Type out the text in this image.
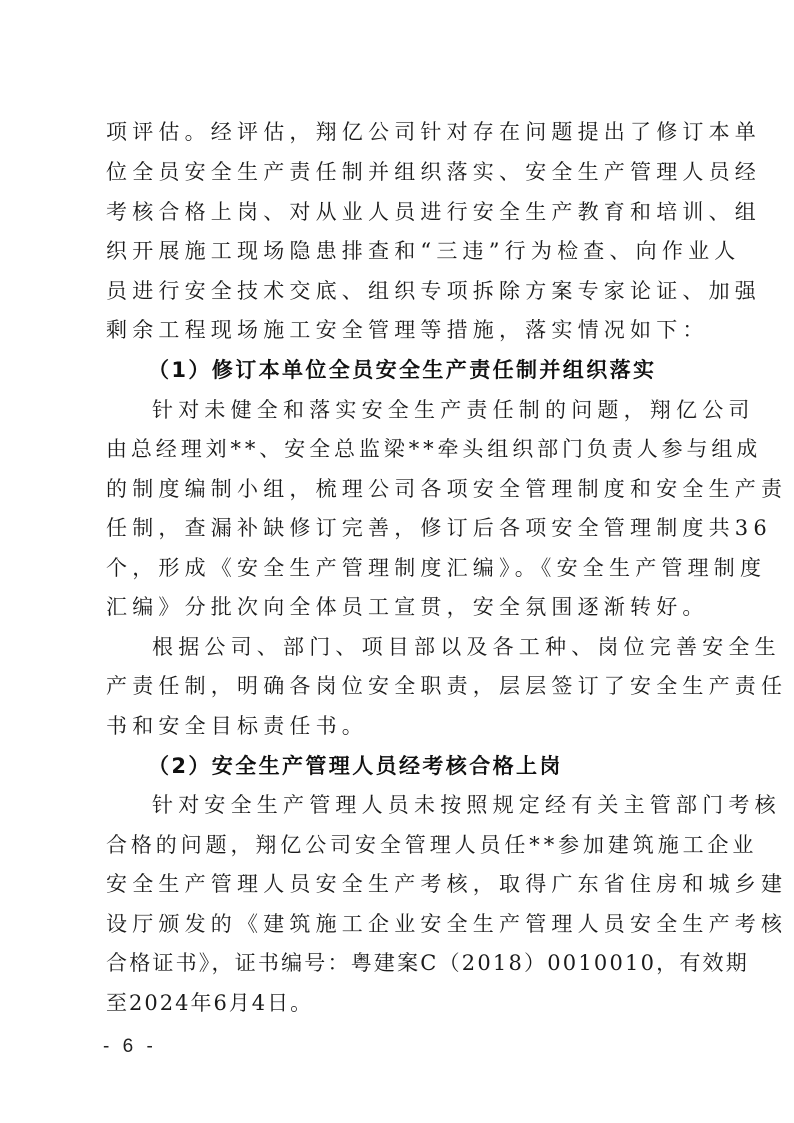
项评估。经评估，翔亿公司针对存在问题提出了修订本单
位全员安全生产责任制并组织落实、安全生产管理人员经
考核合格上岗、对从业人员进行安全生产教育和培训、组
织开展施工现场隐患排查和“三违”行为检查、向作业人
员进行安全技术交底、组织专项拆除方案专家论证、加强
剩余工程现场施工安全管理等措施，落实情况如下：
（1）修订本单位全员安全生产责任制并组织落实
针对未健全和落实安全生产责任制的问题，翔亿公司
由总经理刘**、安全总监梁**牵头组织部门负责人参与组成
的制度编制小组，梳理公司各项安全管理制度和安全生产责
任制，查漏补缺修订完善，修订后各项安全管理制度共36
个，形成《安全生产管理制度汇编》。《安全生产管理制度
汇编》分批次向全体员工宣贯，安全氛围逐渐转好。
根据公司、部门、项目部以及各工种、岗位完善安全生
产责任制，明确各岗位安全职责，层层签订了安全生产责任
书和安全目标责任书。
（2）安全生产管理人员经考核合格上岗
针对安全生产管理人员未按照规定经有关主管部门考核
合格的问题，翔亿公司安全管理人员任**参加建筑施工企业
安全生产管理人员安全生产考核，取得广东省住房和城乡建
设厅颁发的《建筑施工企业安全生产管理人员安全生产考核
合格证书》，证书编号：粤建案C（2018）0010010，有效期
至2024年6月4日。
- 6 -
